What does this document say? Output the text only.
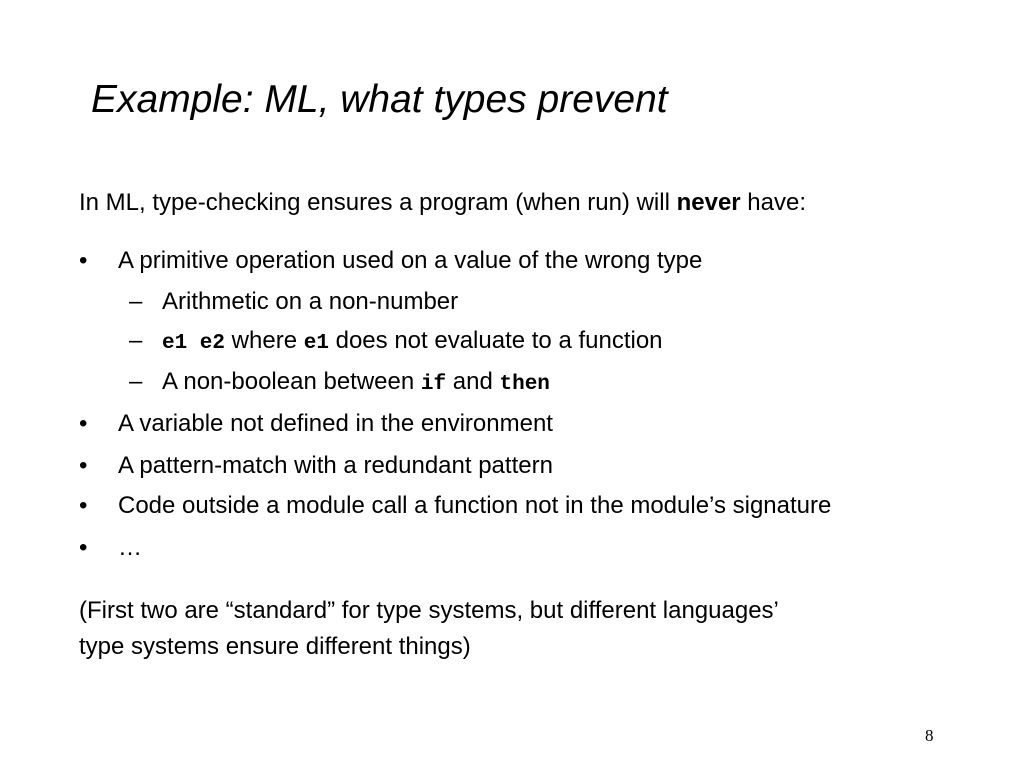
Example: ML, what types prevent
In ML, type-checking ensures a program (when run) will never have:
• A primitive operation used on a value of the wrong type
– Arithmetic on a non-number
– e1 e2 where e1 does not evaluate to a function
– A non-boolean between if and then
• A variable not defined in the environment
• A pattern-match with a redundant pattern
• Code outside a module call a function not in the module’s signature
• …
(First two are “standard” for type systems, but different languages’
type systems ensure different things)
8
